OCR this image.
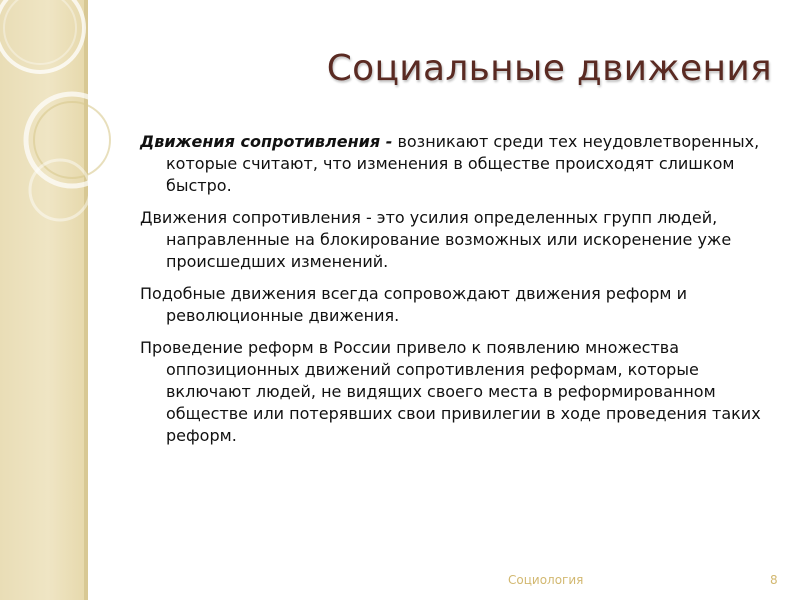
Социальные движения

Движения сопротивления - возникают среди тех неудовлетворенных, которые считают, что изменения в обществе происходят слишком быстро.

Движения сопротивления - это усилия определенных групп людей, направленные на блокирование возможных или искоренение уже происшедших изменений.

Подобные движения всегда сопровождают движения реформ и революционные движения.

Проведение реформ в России привело к появлению множества оппозиционных движений сопротивления реформам, которые включают людей, не видящих своего места в реформированном обществе или потерявших свои привилегии в ходе проведения таких реформ.

Социология	8
